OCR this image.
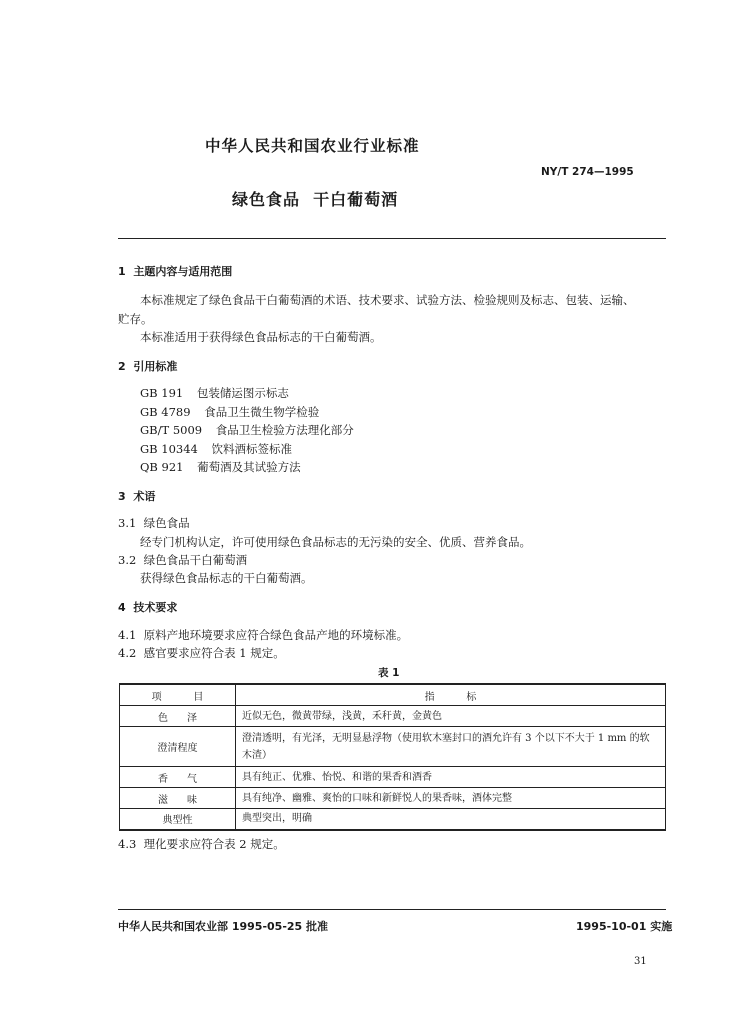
中华人民共和国农业行业标准
NY/T 274—1995
绿色食品  干白葡萄酒
1  主题内容与适用范围
本标准规定了绿色食品干白葡萄酒的术语、技术要求、试验方法、检验规则及标志、包装、运输、
贮存。
本标准适用于获得绿色食品标志的干白葡萄酒。
2  引用标准
GB 191 包装储运图示标志
GB 4789 食品卫生微生物学检验
GB/T 5009 食品卫生检验方法理化部分
GB 10344 饮料酒标签标准
QB 921 葡萄酒及其试验方法
3  术语
3.1  绿色食品
经专门机构认定，许可使用绿色食品标志的无污染的安全、优质、营养食品。
3.2  绿色食品干白葡萄酒
获得绿色食品标志的干白葡萄酒。
4  技术要求
4.1  原料产地环境要求应符合绿色食品产地的环境标准。
4.2  感官要求应符合表 1 规定。
表 1
项          目	指          标
色      泽	近似无色，微黄带绿，浅黄，禾秆黄，金黄色
澄清程度	澄清透明，有光泽，无明显悬浮物（使用软木塞封口的酒允许有 3 个以下不大于 1 mm 的软木渣）
香      气	具有纯正、优雅、怡悦、和谐的果香和酒香
滋      味	具有纯净、幽雅、爽怡的口味和新鲜悦人的果香味，酒体完整
典型性	典型突出，明确
4.3  理化要求应符合表 2 规定。
中华人民共和国农业部 1995-05-25 批准	1995-10-01 实施
31
